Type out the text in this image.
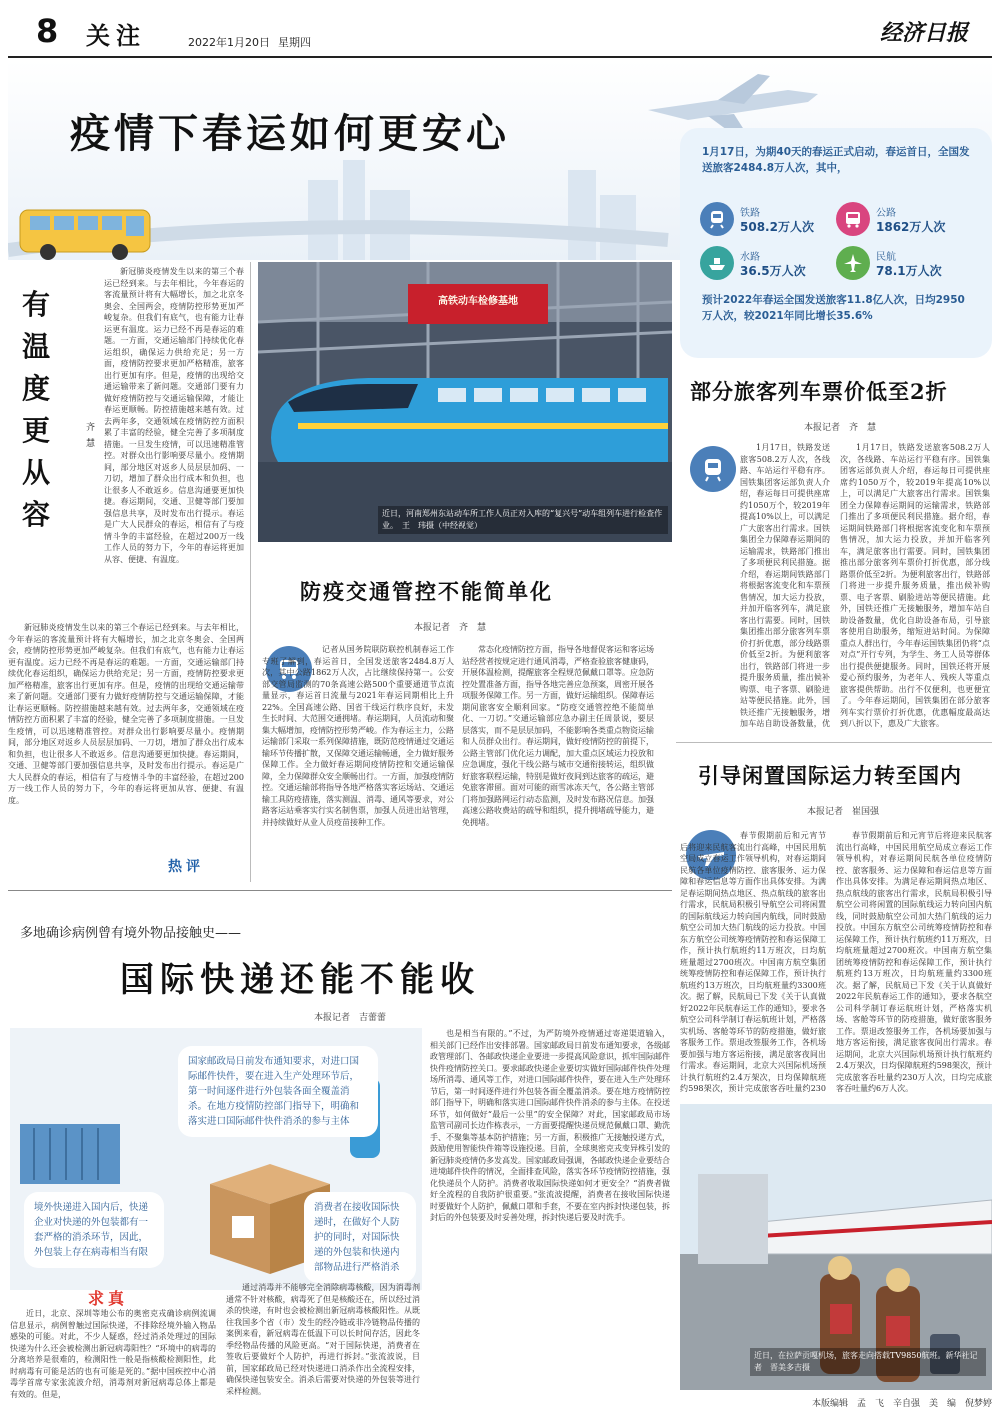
8 关注	2022年1月20日 星期四	经济日报
疫情下春运如何更安心	1月17日，为期40天的春运正式启动，春运首日，全国发送旅客2484.8万人次，其中，
铁路
508.2万人次
公路
1862万人次
水路
36.5万人次
民航
78.1万人次
预计2022年春运全国发送旅客11.8亿人次，日均2950万人次，较2021年同比增长35.6%
有温度 更从容
齐 慧

新冠肺炎疫情发生以来的第三个春运已经到来。与去年相比，今年春运的客流量预计将有大幅增长，加之北京冬奥会、全国两会，疫情防控形势更加严峻复杂。但我们有底气，也有能力让春运更有温度。运力已经不再是春运的难题。一方面，交通运输部门持续优化春运组织，确保运力供给充足；另一方面，疫情防控要求更加严格精准，旅客出行更加有序。但是，疫情的出现给交通运输带来了新问题。交通部门要有力做好疫情防控与交通运输保障，才能让春运更顺畅。防控措施越来越有效。过去两年多，交通领域在疫情防控方面积累了丰富的经验，健全完善了多项制度措施。一旦发生疫情，可以迅速精准管控。对群众出行影响要尽量小。疫情期间，部分地区对返乡人员层层加码、一刀切，增加了群众出行成本和负担，也让很多人不敢返乡。信息沟通要更加快捷。春运期间，交通、卫健等部门要加强信息共享，及时发布出行提示。春运是广大人民群众的春运，相信有了与疫情斗争的丰富经验，在超过200万一线工作人员的努力下，今年的春运将更加从容、便捷、有温度。

新冠肺炎疫情发生以来的第三个春运已经到来。与去年相比，今年春运的客流量预计将有大幅增长，加之北京冬奥会、全国两会，疫情防控形势更加严峻复杂。但我们有底气，也有能力让春运更有温度。运力已经不再是春运的难题。一方面，交通运输部门持续优化春运组织，确保运力供给充足；另一方面，疫情防控要求更加严格精准，旅客出行更加有序。但是，疫情的出现给交通运输带来了新问题。交通部门要有力做好疫情防控与交通运输保障，才能让春运更顺畅。防控措施越来越有效。过去两年多，交通领域在疫情防控方面积累了丰富的经验，健全完善了多项制度措施。一旦发生疫情，可以迅速精准管控。对群众出行影响要尽量小。疫情期间，部分地区对返乡人员层层加码、一刀切，增加了群众出行成本和负担，也让很多人不敢返乡。信息沟通要更加快捷。春运期间，交通、卫健等部门要加强信息共享，及时发布出行提示。春运是广大人民群众的春运，相信有了与疫情斗争的丰富经验，在超过200万一线工作人员的努力下，今年的春运将更加从容、便捷、有温度。

热评
高铁动车检修基地
近日，河南郑州东站动车所工作人员正对入库的“复兴号”动车组列车进行检查作业。　王　玮摄（中经视觉）
部分旅客列车票价低至2折
本报记者　齐　慧

1月17日，铁路发送旅客508.2万人次，各线路、车站运行平稳有序。国铁集团客运部负责人介绍，春运每日可提供座席约1050万个，较2019年提高10%以上，可以满足广大旅客出行需求。国铁集团全力保障春运期间的运输需求，铁路部门推出了多项便民利民措施。据介绍，春运期间铁路部门将根据客流变化和车票预售情况，加大运力投放，并加开临客列车，满足旅客出行需要。同时，国铁集团推出部分旅客列车票价打折优惠，部分线路票价低至2折。为便利旅客出行，铁路部门将进一步提升服务质量，推出候补购票、电子客票、刷脸进站等便民措施。此外，国铁还推广无接触服务，增加车站自助设备数量，优

1月17日，铁路发送旅客508.2万人次，各线路、车站运行平稳有序。国铁集团客运部负责人介绍，春运每日可提供座席约1050万个，较2019年提高10%以上，可以满足广大旅客出行需求。国铁集团全力保障春运期间的运输需求，铁路部门推出了多项便民利民措施。据介绍，春运期间铁路部门将根据客流变化和车票预售情况，加大运力投放，并加开临客列车，满足旅客出行需要。同时，国铁集团推出部分旅客列车票价打折优惠，部分线路票价低至2折。为便利旅客出行，铁路部门将进一步提升服务质量，推出候补购票、电子客票、刷脸进站等便民措施。此外，国铁还推广无接触服务，增加车站自助设备数量，优化自助设备布局，引导旅客使用自助服务，缩短进站时间。为保障重点人群出行，今年春运国铁集团仍将“点对点”开行专列，为学生、务工人员等群体出行提供便捷服务。同时，国铁还将开展爱心预约服务，为老年人、残疾人等重点旅客提供帮助。出行不仅便利，也更便宜了。今年春运期间，国铁集团在部分旅客列车实行票价打折优惠，优惠幅度最高达到八折以下，惠及广大旅客。

防疫交通管控不能简单化
本报记者　齐　慧

记者从国务院联防联控机制春运工作专班了解到，春运首日，全国发送旅客2484.8万人次，其中公路1862万人次，占比继续保持第一。公安部交管局监测的70条高速公路500个重要通道节点流量显示，春运首日流量与2021年春运同期相比上升22%。全国高速公路、国省干线运行秩序良好，未发生长时间、大范围交通拥堵。春运期间，人员流动和聚集大幅增加，疫情防控形势严峻。作为春运主力，公路运输部门采取一系列保障措施，既防范疫情通过交通运输环节传播扩散，又保障交通运输畅通，全力做好服务保障工作。全力做好春运期间疫情防控和交通运输保障，全力保障群众安全顺畅出行。一方面，加强疫情防控。交通运输部将指导各地严格落实客运场站、交通运输工具防疫措施，落实测温、消毒、通风等要求，对公路客运站乘客实行实名制售票，加强人员进出站管理，并持续做好从业人员疫苗接种工作。

常态化疫情防控方面，指导各地督促客运和客运场站经营者按规定进行通风消毒，严格查验旅客健康码，开展体温检测，提醒旅客全程规范佩戴口罩等。应急防控处置准备方面，指导各地完善应急预案，周密开展各项服务保障工作。另一方面，做好运输组织。保障春运期间旅客安全顺利回家。“防疫交通管控绝不能简单化、一刀切。”交通运输部应急办副主任周景说，要层层落实，而不是层层加码，不能影响各类重点物资运输和人员群众出行。春运期间，做好疫情防控的前提下，公路主管部门优化运力调配，加大重点区域运力投放和应急调度，强化干线公路与城市交通衔接转运，组织做好旅客联程运输，特别是做好夜间到达旅客的疏运，避免旅客滞留。面对可能的雨雪冰冻天气，各公路主管部门将加强路网运行动态监测，及时发布路况信息。加强高速公路收费站的疏导和组织，提升拥堵疏导能力，避免拥堵。

引导闲置国际运力转至国内
本报记者　崔国强

春节假期前后和元宵节后将迎来民航客流出行高峰，中国民用航空局成立春运工作领导机构，对春运期间民航各单位疫情防控、旅客服务、运力保障和春运信息等方面作出具体安排。为满足春运期间热点地区、热点航线的旅客出行需求，民航局积极引导航空公司将闲置的国际航线运力转向国内航线，同时鼓励航空公司加大热门航线的运力投放。中国东方航空公司统筹疫情防控和春运保障工作，预计执行航班约11万班次，日均航班量超过2700班次。中国南方航空集团统筹疫情防控和春运保障工作，预计执行航班约13万班次，日均航班量约3300班次。据了解，民航局已下发《关于认真做好2022年民航春运工作的通知》，要求各航空公司科学制订春运航班计划，严格落实机场、客舱等环节的防疫措施，做好旅客服务工作。票退改签服务工作，各机场要加强与地方客运衔接，满足旅客夜间出行需求。春运期间，北京大兴国际机场预计执行航班约2.4万架次，日均保障航班约598架次，预计完成旅客吞吐量约230

春节假期前后和元宵节后将迎来民航客流出行高峰，中国民用航空局成立春运工作领导机构，对春运期间民航各单位疫情防控、旅客服务、运力保障和春运信息等方面作出具体安排。为满足春运期间热点地区、热点航线的旅客出行需求，民航局积极引导航空公司将闲置的国际航线运力转向国内航线，同时鼓励航空公司加大热门航线的运力投放。中国东方航空公司统筹疫情防控和春运保障工作，预计执行航班约11万班次，日均航班量超过2700班次。中国南方航空集团统筹疫情防控和春运保障工作，预计执行航班约13万班次，日均航班量约3300班次。据了解，民航局已下发《关于认真做好2022年民航春运工作的通知》，要求各航空公司科学制订春运航班计划，严格落实机场、客舱等环节的防疫措施，做好旅客服务工作。票退改签服务工作，各机场要加强与地方客运衔接，满足旅客夜间出行需求。春运期间，北京大兴国际机场预计执行航班约2.4万架次，日均保障航班约598架次，预计完成旅客吞吐量约230万人次，日均完成旅客吞吐量约6万人次。

近日，在拉萨贡嘎机场，旅客走向搭载TV9850航班。新华社记者　晋美多吉摄
多地确诊病例曾有境外物品接触史——
国际快递还能不能收
本报记者　吉蕾蕾
国家邮政局日前发布通知要求，对进口国际邮件快件，要在进入生产处理环节后，第一时间逐件进行外包装各面全覆盖消杀。在地方疫情防控部门指导下，明确和落实进口国际邮件快件消杀的参与主体
境外快递进入国内后，快递企业对快递的外包装都有一套严格的消杀环节，因此，外包装上存在病毒相当有限
消费者在接收国际快递时，在做好个人防护的同时，对国际快递的外包装和快递内部物品进行严格消杀
求真

近日，北京、深圳等地公布的奥密克戎确诊病例流调信息显示，病例曾触过国际快递，不排除经境外输入物品感染的可能。对此，不少人疑惑，经过消杀处理过的国际快递为什么还会被检测出新冠病毒阳性？“环境中的病毒的分离培养是很难的，检测阳性一般是指核酸检测阳性，此时病毒有可能是活的也有可能是死的。”据中国疾控中心消毒学首席专家张流波介绍，消毒剂对新冠病毒总体上都是有效的。但是，

通过消毒并不能够完全消除病毒核酸，因为消毒剂通常不针对核酸，病毒死了但是核酸还在，所以经过消杀的快递，有时也会被检测出新冠病毒核酸阳性。从既往我国多个省（市）发生的经冷链或非冷链物品传播的案例来看，新冠病毒在低温下可以长时间存活，因此冬季经物品传播的风险更高。“对于国际快递，消费者在签收后要做好个人防护，再进行拆封。”张流波说，目前，国家邮政局已经对快递进口消杀作出全流程安排，确保快递包装安全。消杀后需要对快递的外包装等进行采样检测。

也是相当有限的。”不过，为严防境外疫情通过寄递渠道输入，相关部门已经作出安排部署。国家邮政局日前发布通知要求，各级邮政管理部门、各邮政快递企业要进一步提高风险意识，抓牢国际邮件快件疫情防控关口。要求邮政快递企业要切实做好国际邮件快件处理场所消毒、通风等工作，对进口国际邮件快件，要在进入生产处理环节后，第一时间逐件进行外包装各面全覆盖消杀。要在地方疫情防控部门指导下，明确和落实进口国际邮件快件消杀的参与主体。在投送环节，如何做好“最后一公里”的安全保障？对此，国家邮政局市场监管司副司长边作栋表示，一方面要提醒快递员规范佩戴口罩、勤洗手、不聚集等基本防护措施；另一方面，积极推广无接触投递方式，鼓励使用智能快件箱等设施投递。目前，全球奥密克戎变异株引发的新冠肺炎疫情仍多发高发。国家邮政局强调，各邮政快递企业要结合进境邮件快件的情况，全面排查风险，落实各环节疫情防控措施，强化快递员个人防护。消费者收取国际快递如何才更安全？“消费者做好全流程的自我防护很重要。”张流波提醒，消费者在接收国际快递时要做好个人防护，佩戴口罩和手套，不要在室内拆封快递包装，拆封后的外包装要及时妥善处理，拆封快递后要及时洗手。

本版编辑　孟　飞　辛自强　美　编　倪梦婷
